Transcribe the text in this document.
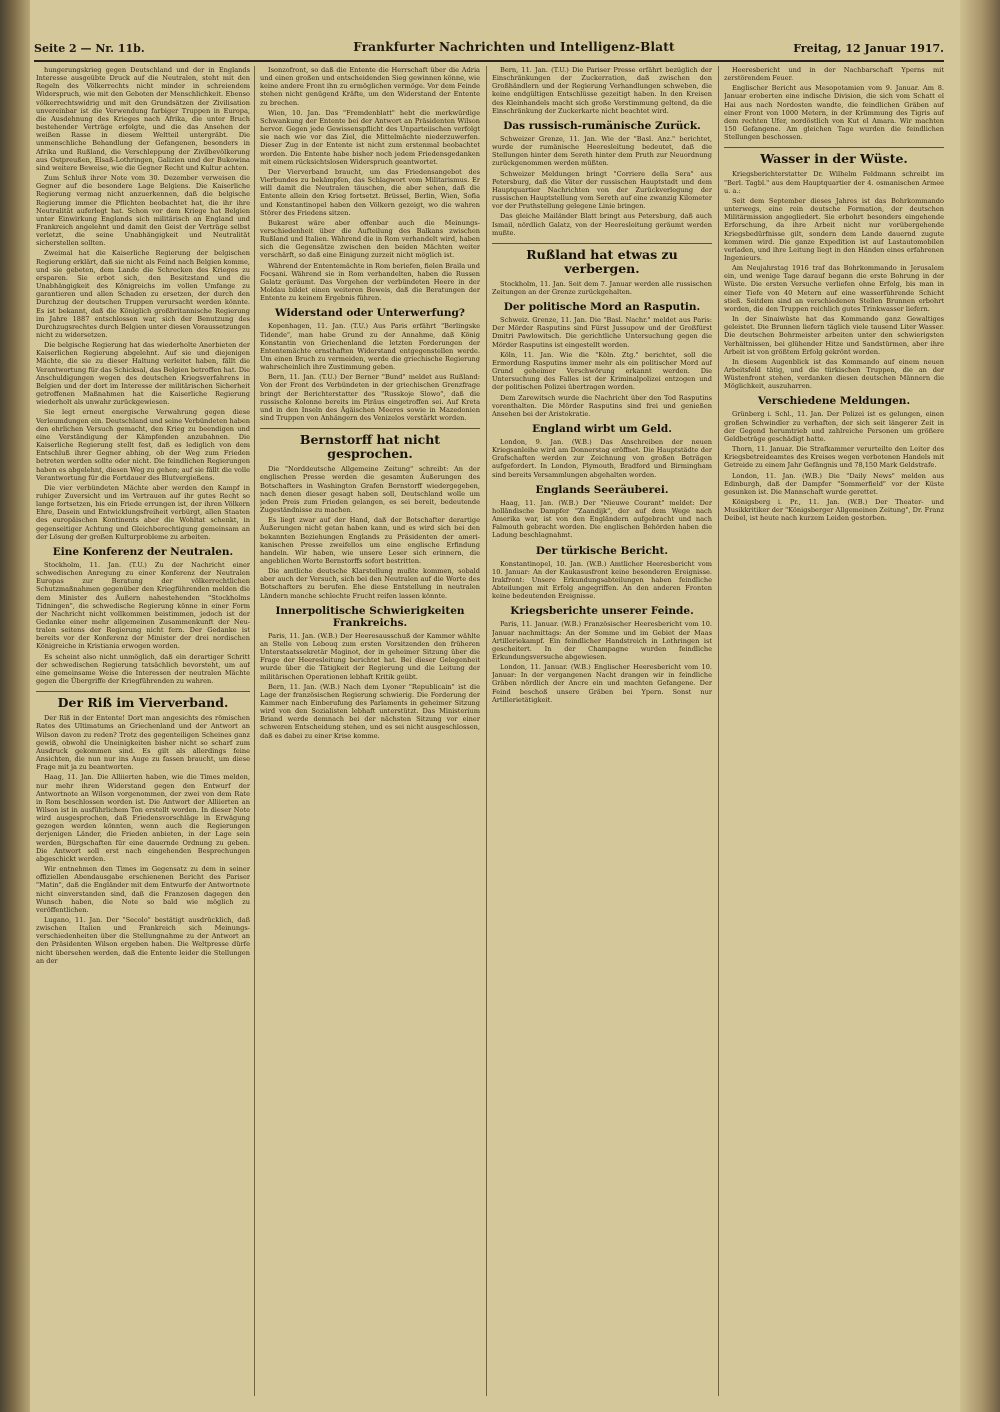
Seite 2 — Nr. 11b.	Frankfurter Nachrichten und Intelligenz-Blatt	Freitag, 12 Januar 1917.

hungerungskrieg gegen Deutschland und der in Englands Interesse ausgeübte Druck auf die Neutralen, steht mit den Regeln des Völkerrechts nicht minder in schreiendem Widerspruch, wie mit den Geboten der Menschlichkeit. Ebenso völkerrechtswidrig und mit den Grundsätzen der Zivilisation unvereinbar ist die Verwendung farbiger Truppen in Europa, die Ausdehnung des Krieges nach Afrika, die unter Bruch bestehender Verträge erfolgte, und die das Ansehen der weißen Rasse in diesem Weltteil untergräbt. Die unmenschliche Behandlung der Gefangenen, besonders in Afrika und Rußland, die Verschleppung der Zivilbevölkerung aus Ostpreußen, Elsaß-Lothringen, Galizien und der Bukowina sind weitere Beweise, wie die Gegner Recht und Kultur achten.

Zum Schluß ihrer Note vom 30. Dezember verweisen die Gegner auf die besondere Lage Belgiens. Die Kaiserliche Regierung vermag nicht anzuerkennen, daß die belgische Regierung immer die Pflichten beobachtet hat, die ihr ihre Neutralität auferlegt hat. Schon vor dem Kriege hat Belgien unter Einwirkung Englands sich militärisch an England und Frankreich angelehnt und damit den Geist der Verträge selbst verletzt, die seine Unabhängigkeit und Neutralität sicherstellen sollten.

Zweimal hat die Kaiserliche Regierung der belgischen Regierung erklärt, daß sie nicht als Feind nach Belgien komme, und sie gebeten, dem Lande die Schrecken des Krieges zu ersparen. Sie erbot sich, den Besitzstand und die Unabhängigkeit des Königreichs im vollen Umfange zu garantieren und allen Schaden zu ersetzen, der durch den Durchzug der deutschen Truppen verursacht werden könnte. Es ist bekannt, daß die Königlich großbritannische Regierung im Jahre 1887 entschlossen war, sich der Benutzung des Durchzugsrechtes durch Belgien unter diesen Voraussetzungen nicht zu widersetzen.

Die belgische Regierung hat das wiederholte Anerbieten der Kaiserlichen Regierung abgelehnt. Auf sie und diejenigen Mächte, die sie zu dieser Haltung verleitet haben, fällt die Verantwortung für das Schicksal, das Belgien betroffen hat. Die Anschuldigungen wegen des deutschen Kriegsverfahrens in Belgien und der dort im Interesse der militärischen Sicherheit getroffenen Maßnahmen hat die Kaiserliche Regierung wiederholt als unwahr zurückgewiesen.

Sie legt erneut energische Verwahrung gegen diese Verleumdungen ein. Deutschland und seine Verbündeten haben den ehrlichen Versuch gemacht, den Krieg zu beendigen und eine Verständigung der Kämpfenden anzubahnen. Die Kaiserliche Regierung stellt fest, daß es lediglich von dem Entschluß ihrer Gegner abhing, ob der Weg zum Frieden betreten werden sollte oder nicht. Die feindlichen Regierungen haben es abgelehnt, diesen Weg zu gehen; auf sie fällt die volle Verantwortung für die Fortdauer des Blutvergießens.

Die vier verbündeten Mächte aber werden den Kampf in ruhiger Zuversicht und im Vertrauen auf ihr gutes Recht so lange fortsetzen, bis ein Friede errungen ist, der ihren Völkern Ehre, Dasein und Entwicklungsfreiheit verbürgt, allen Staaten des europäischen Kontinents aber die Wohltat schenkt, in gegenseitiger Achtung und Gleichberechtigung gemeinsam an der Lösung der großen Kulturprobleme zu arbeiten.

Eine Konferenz der Neutralen.

Stockholm, 11. Jan. (T.U.) Zu der Nachricht einer schwedischen Anregung zu einer Konferenz der Neutralen Europas zur Beratung der völkerrechtlichen Schutzmaßnahmen gegenüber den Kriegführenden melden die dem Minister des Äußern nahestehenden "Stockholms Tidningen", die schwedische Regierung könne in einer Form der Nachricht nicht vollkommen beistimmen, jedoch ist der Gedanke einer mehr allgemeinen Zusammenkunft der Neutralen seitens der Regierung nicht fern. Der Gedanke ist bereits vor der Konferenz der Minister der drei nordischen Königreiche in Kristiania erwogen worden.

Es scheint also nicht unmöglich, daß ein derartiger Schritt der schwedischen Regierung tatsächlich bevorsteht, um auf eine gemeinsame Weise die Interessen der neutralen Mächte gegen die Übergriffe der Kriegführenden zu wahren.

Der Riß im Vierverband.

Der Riß in der Entente! Dort man angesichts des römischen Rates des Ultimatums an Griechenland und der Antwort an Wilson davon zu reden? Trotz des gegenteiligen Scheines ganz gewiß, obwohl die Uneinigkeiten bisher nicht so scharf zum Ausdruck gekommen sind. Es gilt als allerdings feine Ansichten, die nun nur ins Auge zu fassen braucht, um diese Frage mit ja zu beantworten.

Haag, 11. Jan. Die Alliierten haben, wie die Times melden, nur mehr ihren Widerstand gegen den Entwurf der Antwortnote an Wilson vorgenommen, der zwei von dem Rate in Rom beschlossen worden ist. Die Antwort der Alliierten an Wilson ist in ausführlichem Ton erstellt worden. In dieser Note wird ausgesprochen, daß Friedensvorschläge in Erwägung gezogen werden könnten, wenn auch die Regierungen derjenigen Länder, die Frieden anbieten, in der Lage sein werden, Bürgschaften für eine dauernde Ordnung zu geben. Die Antwort soll erst nach eingehenden Besprechungen abgeschickt werden.

Wir entnehmen den Times im Gegensatz zu dem in seiner offiziellen Abendausgabe erschienenen Bericht des Pariser "Matin", daß die Engländer mit dem Entwurfe der Antwortnote nicht einverstanden sind, daß die Franzosen dagegen den Wunsch haben, die Note so bald wie möglich zu veröffentlichen.

Lugano, 11. Jan. Der "Secolo" bestätigt ausdrücklich, daß zwischen Italien und Frankreich sich Meinungsverschiedenheiten über die Stellungnahme zu der Antwort an den Präsidenten Wilson ergeben haben. Die Weltpresse dürfe nicht übersehen werden, daß die Entente leider die Stellungen an der

Isonzofront, so daß die Entente die Herrschaft über die Adria und einen großen und entscheidenden Sieg gewinnen könne, wie keine andere Front ihn zu ermöglichen vermöge. Vor dem Feinde stehen nicht genügend Kräfte, um den Widerstand der Entente zu brechen.

Wien, 10. Jan. Das "Fremdenblatt" hebt die merkwürdige Schwankung der Entente bei der Antwort an Präsidenten Wilson hervor. Gegen jede Gewissenspflicht des Unparteiischen verfolgt sie nach wie vor das Ziel, die Mittelmächte niederzuwerfen. Dieser Zug in der Entente ist nicht zum erstenmal beobachtet worden. Die Entente habe bisher noch jedem Friedensgedanken mit einem rücksichtslosen Widerspruch geantwortet.

Der Vierverband braucht, um das Friedensangebot des Vierbundes zu bekämpfen, das Schlagwort vom Militarismus. Er will damit die Neutralen täuschen, die aber sehen, daß die Entente allein den Krieg fortsetzt. Brüssel, Berlin, Wien, Sofia und Konstantinopel haben den Völkern gezeigt, wo die wahren Störer des Friedens sitzen.

Bukarest wäre aber offenbar auch die Meinungsverschiedenheit über die Aufteilung des Balkans zwischen Rußland und Italien. Während die in Rom verhandelt wird, haben sich die Gegensätze zwischen den beiden Mächten weiter verschärft, so daß eine Einigung zurzeit nicht möglich ist.

Während der Ententemächte in Rom beriefen, fielen Braila und Focșani. Während sie in Rom verhandelten, haben die Russen Galatz geräumt. Das Vorgehen der verbündeten Heere in der Moldau bildet einen weiteren Beweis, daß die Beratungen der Entente zu keinem Ergebnis führen.

Widerstand oder Unterwerfung?

Kopenhagen, 11. Jan. (T.U.) Aus Paris erfährt "Berlingske Tidende", man habe Grund zu der Annahme, daß König Konstantin von Griechenland die letzten Forderungen der Ententemächte ernsthaften Widerstand entgegenstellen werde. Um einen Bruch zu vermeiden, werde die griechische Regierung wahrscheinlich ihre Zustimmung geben.

Bern, 11. Jan. (T.U.) Der Berner "Bund" meldet aus Rußland: Von der Front des Verbündeten in der griechischen Grenzfrage bringt der Berichterstatter des "Russkoje Slowo", daß die russische Kolonne bereits im Piräus eingetroffen sei. Auf Kreta und in den Inseln des Ägäischen Meeres sowie in Mazedonien sind Truppen von Anhängern des Venizelos verstärkt worden.

Bernstorff hat nicht gesprochen.

Die "Norddeutsche Allgemeine Zeitung" schreibt: An der englischen Presse werden die gesamten Äußerungen des Botschafters in Washington Grafen Bernstorff wiedergegeben, nach denen dieser gesagt haben soll, Deutschland wolle um jeden Preis zum Frieden gelangen, es sei bereit, bedeutende Zugeständnisse zu machen.

Es liegt zwar auf der Hand, daß der Botschafter derartige Äußerungen nicht getan haben kann, und es wird sich bei den bekannten Beziehungen Englands zu Präsidenten der amerikanischen Presse zweifellos um eine englische Erfindung handeln. Wir haben, wie unsere Leser sich erinnern, die angeblichen Worte Bernstorffs sofort bestritten.

Die amtliche deutsche Klarstellung mußte kommen, sobald aber auch der Versuch, sich bei den Neutralen auf die Worte des Botschafters zu berufen. Ehe diese Entstellung in neutralen Ländern manche schlechte Frucht reifen lassen könnte.

Innerpolitische Schwierigkeiten Frankreichs.

Paris, 11. Jan. (W.B.) Der Heeresausschuß der Kammer wählte an Stelle von Lebouq zum ersten Vorsitzenden den früheren Unterstaatssekretär Maginot, der in geheimer Sitzung über die Frage der Heeresleitung berichtet hat. Bei dieser Gelegenheit wurde über die Tätigkeit der Regierung und die Leitung der militärischen Operationen lebhaft Kritik geübt.

Bern, 11. Jan. (W.B.) Nach dem Lyoner "Republicain" ist die Lage der französischen Regierung schwierig. Die Forderung der Kammer nach Einberufung des Parlaments in geheimer Sitzung wird von den Sozialisten lebhaft unterstützt. Das Ministerium Briand werde demnach bei der nächsten Sitzung vor einer schweren Entscheidung stehen, und es sei nicht ausgeschlossen, daß es dabei zu einer Krise komme.

Bern, 11. Jan. (T.U.) Die Pariser Presse erfährt bezüglich der Einschränkungen der Zuckerration, daß zwischen den Großhändlern und der Regierung Verhandlungen schweben, die keine endgültigen Entschlüsse gezeitigt haben. In den Kreisen des Kleinhandels macht sich große Verstimmung geltend, da die Einschränkung der Zuckerkarte nicht beachtet wird.

Das russisch-rumänische Zurück.

Schweizer Grenze, 11. Jan. Wie der "Basl. Anz." berichtet, wurde der rumänische Heeresleitung bedeutet, daß die Stellungen hinter dem Sereth hinter dem Pruth zur Neuordnung zurückgenommen werden müßten.

Schweizer Meldungen bringt "Corriere della Sera" aus Petersburg, daß die Väter der russischen Hauptstadt und dem Hauptquartier Nachrichten von der Zurückverlegung der russischen Hauptstellung vom Sereth auf eine zwanzig Kilometer vor der Pruthstellung gelegene Linie bringen.

Das gleiche Mailänder Blatt bringt aus Petersburg, daß auch Ismail, nördlich Galatz, von der Heeresleitung geräumt werden mußte.

Rußland hat etwas zu verbergen.

Stockholm, 11. Jan. Seit dem 7. Januar werden alle russischen Zeitungen an der Grenze zurückgehalten.

Der politische Mord an Rasputin.

Schweiz. Grenze, 11. Jan. Die "Basl. Nachr." meldet aus Paris: Der Mörder Rasputins sind Fürst Jussupow und der Großfürst Dmitri Pawlowitsch. Die gerichtliche Untersuchung gegen die Mörder Rasputins ist eingestellt worden.

Köln, 11. Jan. Wie die "Köln. Ztg." berichtet, soll die Ermordung Rasputins immer mehr als ein politischer Mord auf Grund geheimer Verschwörung erkannt werden. Die Untersuchung des Falles ist der Kriminalpolizei entzogen und der politischen Polizei übertragen worden.

Dem Zarewitsch wurde die Nachricht über den Tod Rasputins vorenthalten. Die Mörder Rasputins sind frei und genießen Ansehen bei der Aristokratie.

England wirbt um Geld.

London, 9. Jan. (W.B.) Das Anschreiben der neuen Kriegsanleihe wird am Donnerstag eröffnet. Die Hauptstädte der Grafschaften werden zur Zeichnung von großen Beträgen aufgefordert. In London, Plymouth, Bradford und Birmingham sind bereits Versammlungen abgehalten worden.

Englands Seeräuberei.

Haag, 11. Jan. (W.B.) Der "Nieuwe Courant" meldet: Der holländische Dampfer "Zaandijk", der auf dem Wege nach Amerika war, ist von den Engländern aufgebracht und nach Falmouth gebracht worden. Die englischen Behörden haben die Ladung beschlagnahmt.

Der türkische Bericht.

Konstantinopel, 10. Jan. (W.B.) Amtlicher Heeresbericht vom 10. Januar: An der Kaukasusfront keine besonderen Ereignisse. Irakfront: Unsere Erkundungsabteilungen haben feindliche Abteilungen mit Erfolg angegriffen. An den anderen Fronten keine bedeutenden Ereignisse.

Kriegsberichte unserer Feinde.

Paris, 11. Januar. (W.B.) Französischer Heeresbericht vom 10. Januar nachmittags: An der Somme und im Gebiet der Maas Artilleriekampf. Ein feindlicher Handstreich in Lothringen ist gescheitert. In der Champagne wurden feindliche Erkundungsversuche abgewiesen.

London, 11. Januar. (W.B.) Englischer Heeresbericht vom 10. Januar: In der vergangenen Nacht drangen wir in feindliche Gräben nördlich der Ancre ein und machten Gefangene. Der Feind beschoß unsere Gräben bei Ypern. Sonst nur Artillerietätigkeit.

Heeresbericht und in der Nachbarschaft Yperns mit zerstörendem Feuer.

Englischer Bericht aus Mesopotamien vom 9. Januar. Am 8. Januar eroberten eine indische Division, die sich vom Schatt el Hai aus nach Nordosten wandte, die feindlichen Gräben auf einer Front von 1000 Metern, in der Krümmung des Tigris auf dem rechten Ufer, nordöstlich von Kut el Amara. Wir machten 150 Gefangene. Am gleichen Tage wurden die feindlichen Stellungen beschossen.

Wasser in der Wüste.

Kriegsberichterstatter Dr. Wilhelm Feldmann schreibt im "Berl. Tagbl." aus dem Hauptquartier der 4. osmanischen Armee u. a.:

Seit dem September dieses Jahres ist das Bohrkommando unterwegs, eine rein deutsche Formation, der deutschen Militärmission angegliedert. Sie erbohrt besonders eingehende Erforschung, da ihre Arbeit nicht nur vorübergehende Kriegsbedürfnisse gilt, sondern dem Lande dauernd zugute kommen wird. Die ganze Expedition ist auf Lastautomobilen verladen, und ihre Leitung liegt in den Händen eines erfahrenen Ingenieurs.

Am Neujahrstag 1916 traf das Bohrkommando in Jerusalem ein, und wenige Tage darauf begann die erste Bohrung in der Wüste. Die ersten Versuche verliefen ohne Erfolg, bis man in einer Tiefe von 40 Metern auf eine wasserführende Schicht stieß. Seitdem sind an verschiedenen Stellen Brunnen erbohrt worden, die den Truppen reichlich gutes Trinkwasser liefern.

In der Sinaiwüste hat das Kommando ganz Gewaltiges geleistet. Die Brunnen liefern täglich viele tausend Liter Wasser. Die deutschen Bohrmeister arbeiten unter den schwierigsten Verhältnissen, bei glühender Hitze und Sandstürmen, aber ihre Arbeit ist von größtem Erfolg gekrönt worden.

In diesem Augenblick ist das Kommando auf einem neuen Arbeitsfeld tätig, und die türkischen Truppen, die an der Wüstenfront stehen, verdanken diesen deutschen Männern die Möglichkeit, auszuharren.

Verschiedene Meldungen.

Grünberg i. Schl., 11. Jan. Der Polizei ist es gelungen, einen großen Schwindler zu verhaften, der sich seit längerer Zeit in der Gegend herumtrieb und zahlreiche Personen um größere Geldbeträge geschädigt hatte.

Thorn, 11. Januar. Die Strafkammer verurteilte den Leiter des Kriegsbetreideamtes des Kreises wegen verbotenen Handels mit Getreide zu einem Jahr Gefängnis und 78,150 Mark Geldstrafe.

London, 11. Jan. (W.B.) Die "Daily News" melden aus Edinburgh, daß der Dampfer "Sommerfield" vor der Küste gesunken ist. Die Mannschaft wurde gerettet.

Königsberg i. Pr., 11. Jan. (W.B.) Der Theater- und Musikkritiker der "Königsberger Allgemeinen Zeitung", Dr. Franz Deibel, ist heute nach kurzem Leiden gestorben.
